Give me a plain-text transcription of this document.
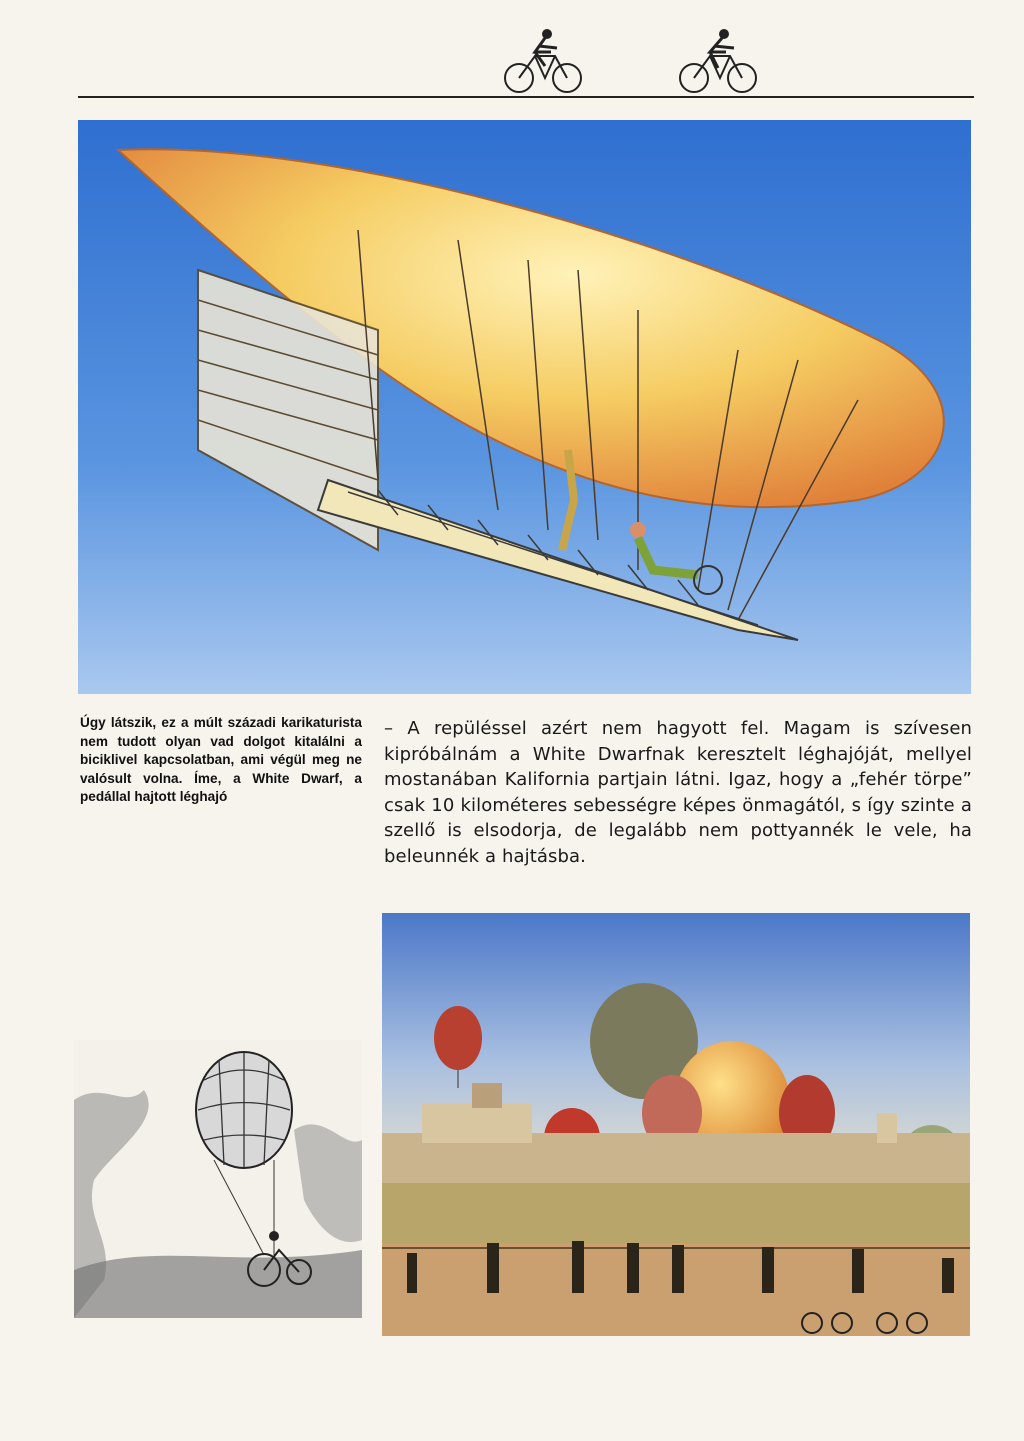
Úgy látszik, ez a múlt századi karikaturista nem tudott olyan vad dolgot kitalálni a biciklivel kapcsolatban, ami végül meg ne valósult volna. Íme, a White Dwarf, a pedállal hajtott léghajó
– A repüléssel azért nem hagyott fel. Magam is szívesen kipróbálnám a White Dwarfnak keresztelt léghajóját, mellyel mostanában Kalifornia partjain látni. Igaz, hogy a „fehér törpe” csak 10 kilométeres sebességre képes önmagától, s így szinte a szellő is elsodorja, de legalább nem pottyannék le vele, ha beleunnék a hajtásba.
